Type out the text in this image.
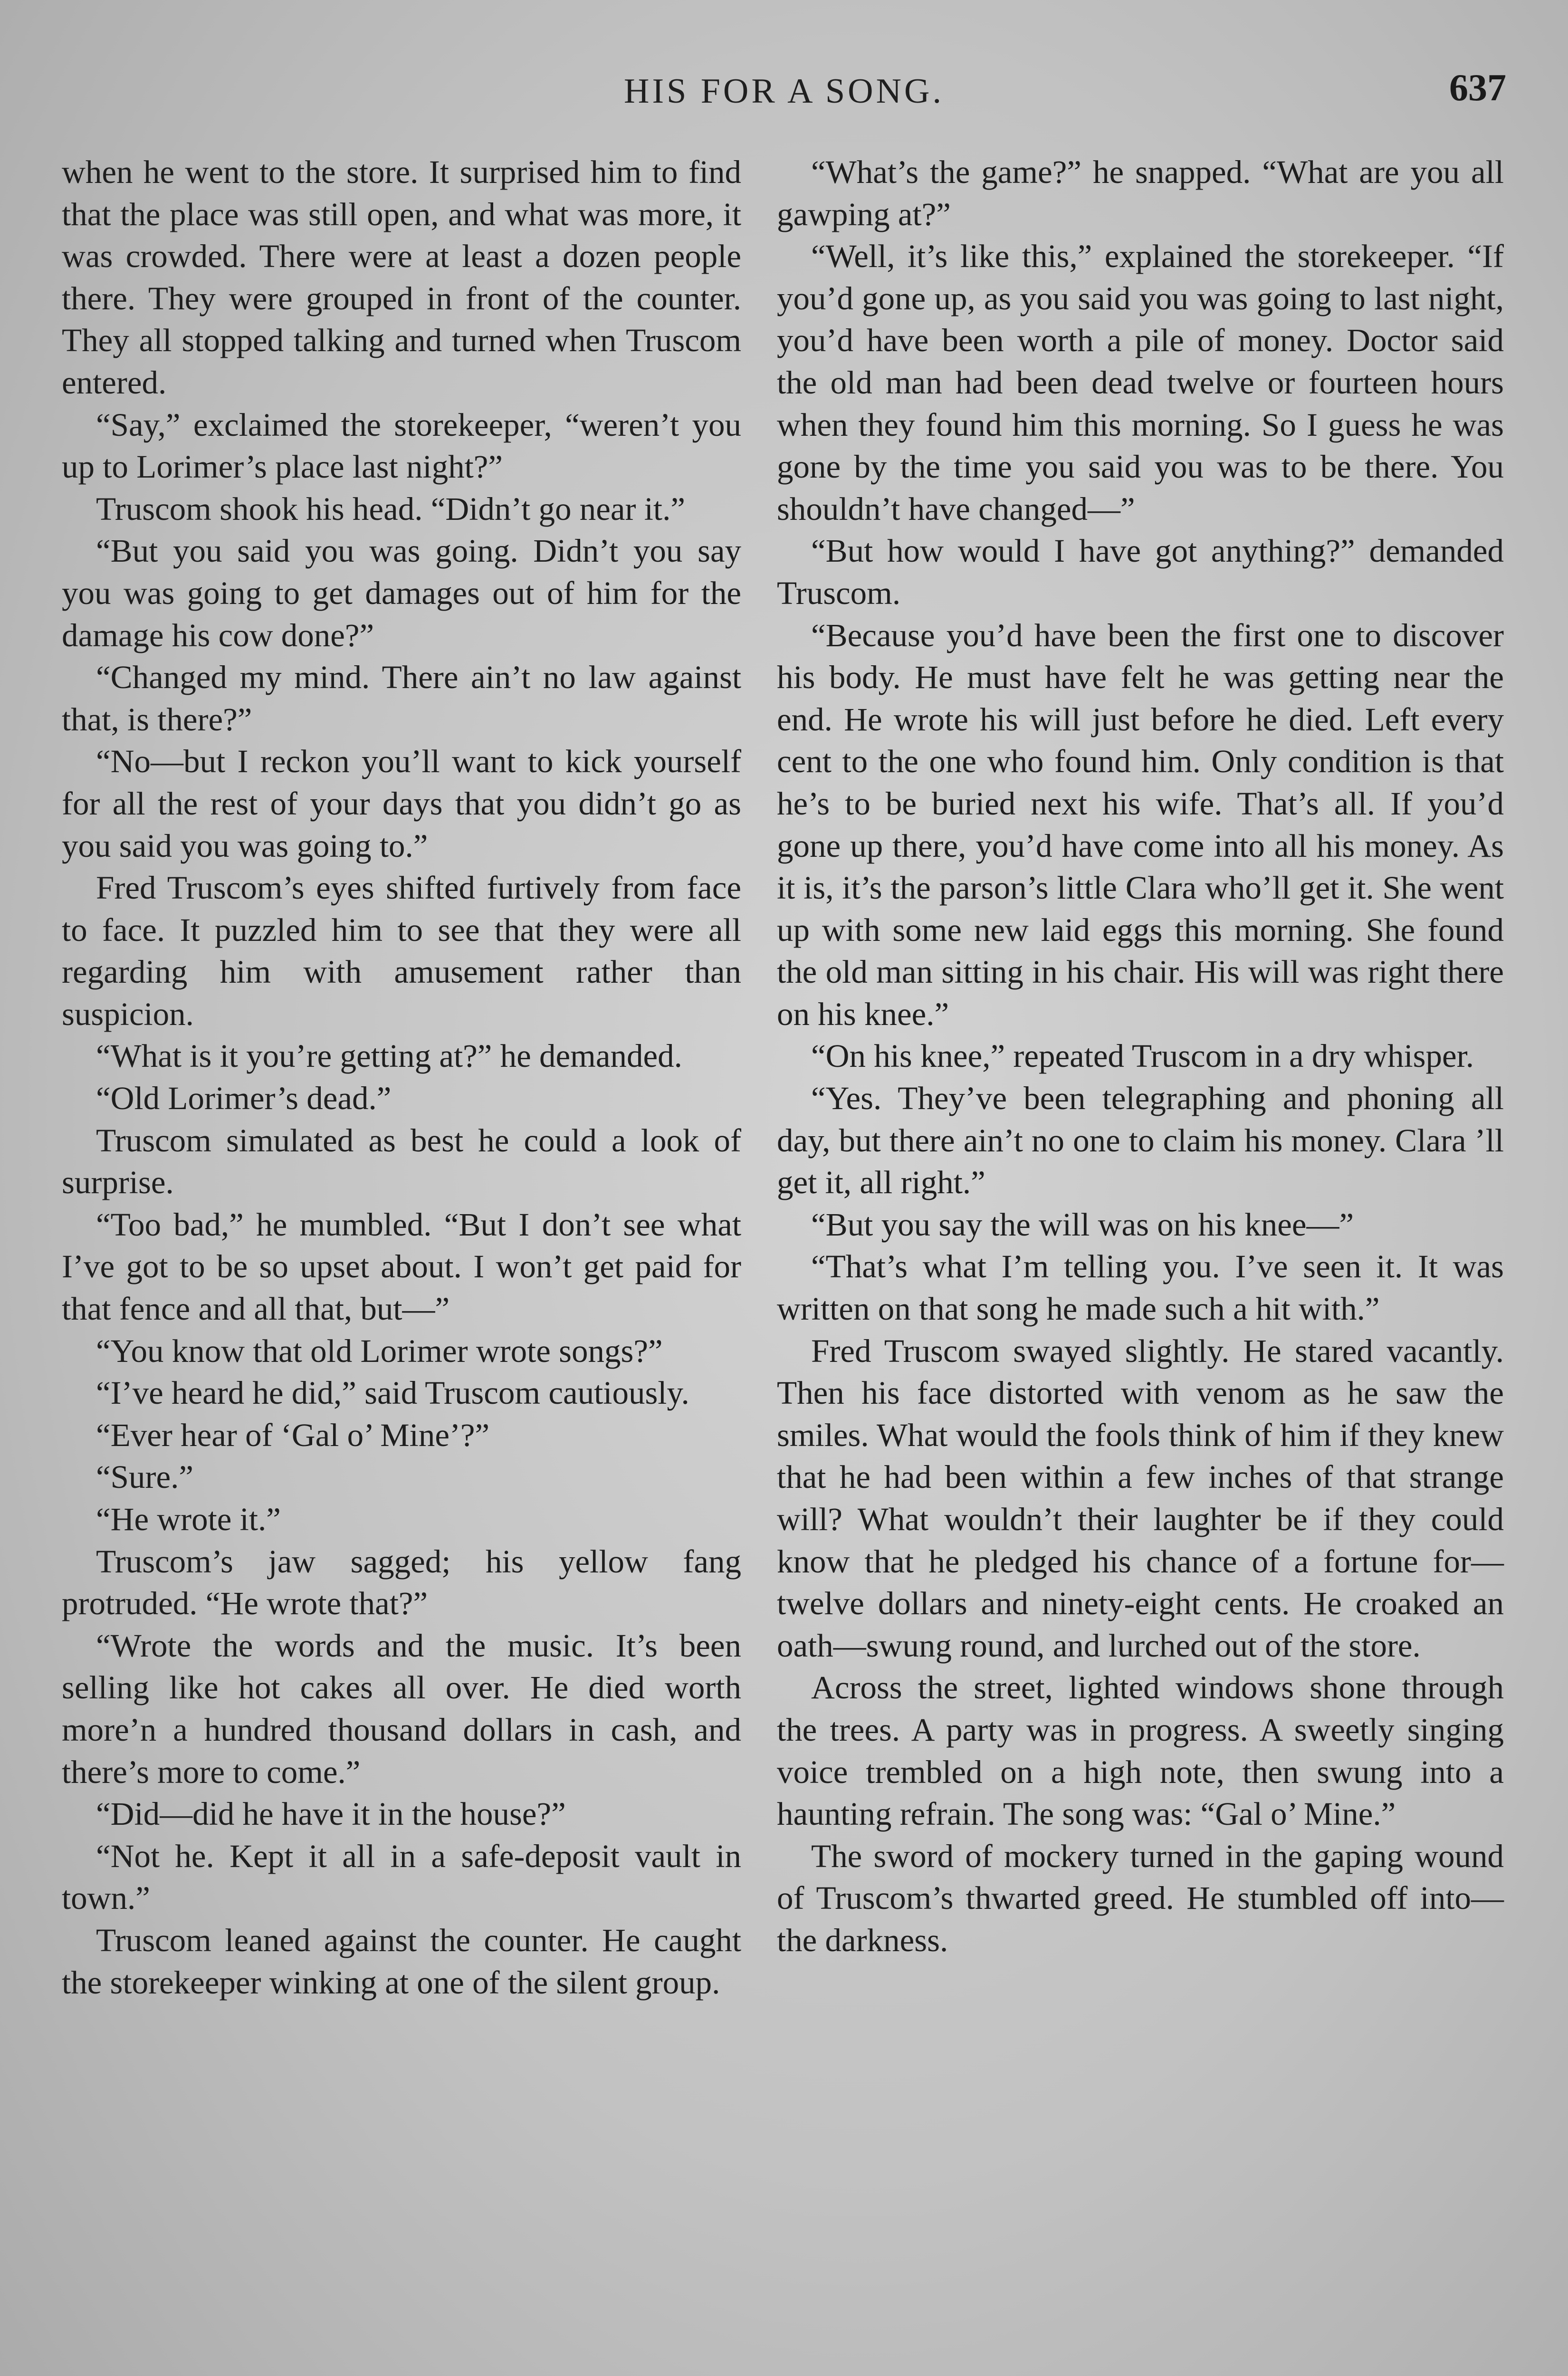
HIS FOR A SONG.	637

when he went to the store. It surprised him to find that the place was still open, and what was more, it was crowded. There were at least a dozen people there. They were grouped in front of the counter. They all stopped talking and turned when Truscom entered.

“Say,” exclaimed the storekeeper, “weren’t you up to Lorimer’s place last night?”

Truscom shook his head. “Didn’t go near it.”

“But you said you was going. Didn’t you say you was going to get damages out of him for the damage his cow done?”

“Changed my mind. There ain’t no law against that, is there?”

“No—but I reckon you’ll want to kick yourself for all the rest of your days that you didn’t go as you said you was going to.”

Fred Truscom’s eyes shifted furtively from face to face. It puzzled him to see that they were all regarding him with amusement rather than suspicion.

“What is it you’re getting at?” he demanded.

“Old Lorimer’s dead.”

Truscom simulated as best he could a look of surprise.

“Too bad,” he mumbled. “But I don’t see what I’ve got to be so upset about. I won’t get paid for that fence and all that, but—”

“You know that old Lorimer wrote songs?”

“I’ve heard he did,” said Truscom cautiously.

“Ever hear of ‘Gal o’ Mine’?”

“Sure.”

“He wrote it.”

Truscom’s jaw sagged; his yellow fang protruded. “He wrote that?”

“Wrote the words and the music. It’s been selling like hot cakes all over. He died worth more’n a hundred thousand dollars in cash, and there’s more to come.”

“Did—did he have it in the house?”

“Not he. Kept it all in a safe-deposit vault in town.”

Truscom leaned against the counter. He caught the storekeeper winking at one of the silent group.

“What’s the game?” he snapped. “What are you all gawping at?”

“Well, it’s like this,” explained the storekeeper. “If you’d gone up, as you said you was going to last night, you’d have been worth a pile of money. Doctor said the old man had been dead twelve or fourteen hours when they found him this morning. So I guess he was gone by the time you said you was to be there. You shouldn’t have changed—”

“But how would I have got anything?” demanded Truscom.

“Because you’d have been the first one to discover his body. He must have felt he was getting near the end. He wrote his will just before he died. Left every cent to the one who found him. Only condition is that he’s to be buried next his wife. That’s all. If you’d gone up there, you’d have come into all his money. As it is, it’s the parson’s little Clara who’ll get it. She went up with some new laid eggs this morning. She found the old man sitting in his chair. His will was right there on his knee.”

“On his knee,” repeated Truscom in a dry whisper.

“Yes. They’ve been telegraphing and phoning all day, but there ain’t no one to claim his money. Clara ’ll get it, all right.”

“But you say the will was on his knee—”

“That’s what I’m telling you. I’ve seen it. It was written on that song he made such a hit with.”

Fred Truscom swayed slightly. He stared vacantly. Then his face distorted with venom as he saw the smiles. What would the fools think of him if they knew that he had been within a few inches of that strange will? What wouldn’t their laughter be if they could know that he pledged his chance of a fortune for—twelve dollars and ninety-eight cents. He croaked an oath—swung round, and lurched out of the store.

Across the street, lighted windows shone through the trees. A party was in progress. A sweetly singing voice trembled on a high note, then swung into a haunting refrain. The song was: “Gal o’ Mine.”

The sword of mockery turned in the gaping wound of Truscom’s thwarted greed. He stumbled off into—the darkness.
